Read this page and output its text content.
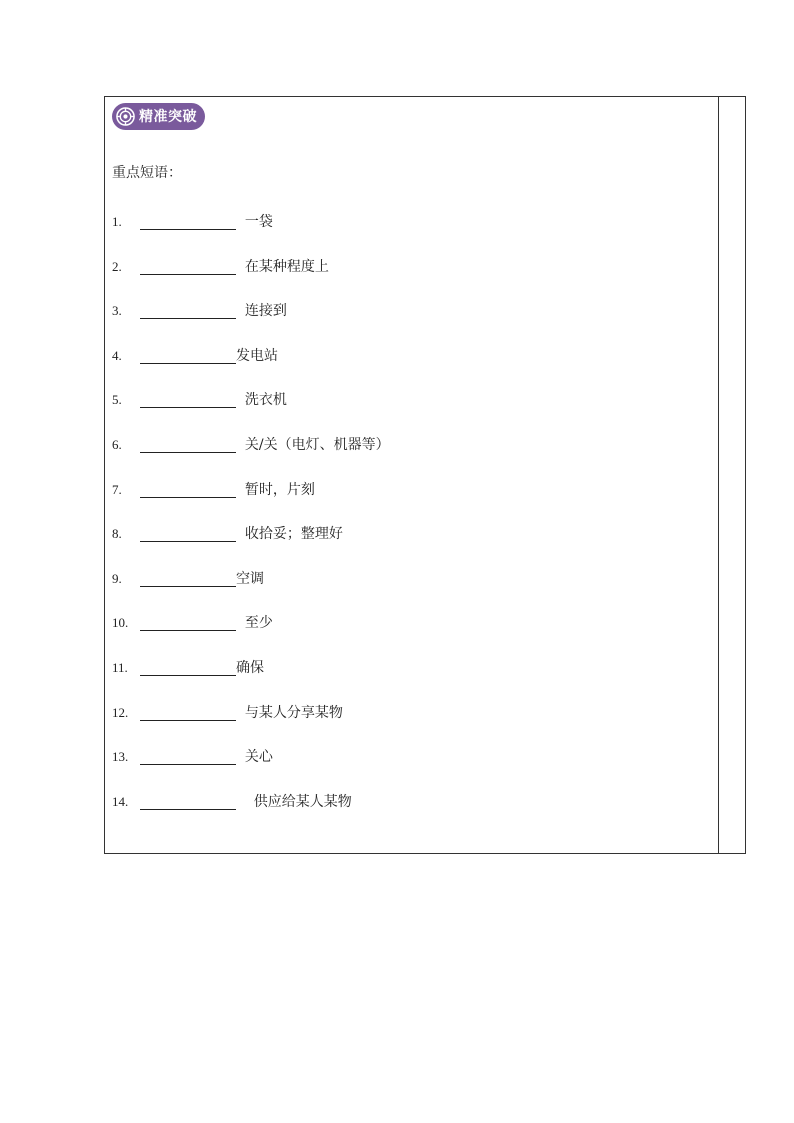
精准突破
重点短语：
1.	一袋
2.	在某种程度上
3.	连接到
4.	发电站
5.	洗衣机
6.	关/关（电灯、机器等）
7.	暂时，片刻
8.	收拾妥；整理好
9.	空调
10.	至少
11.	确保
12.	与某人分享某物
13.	关心
14.	供应给某人某物
